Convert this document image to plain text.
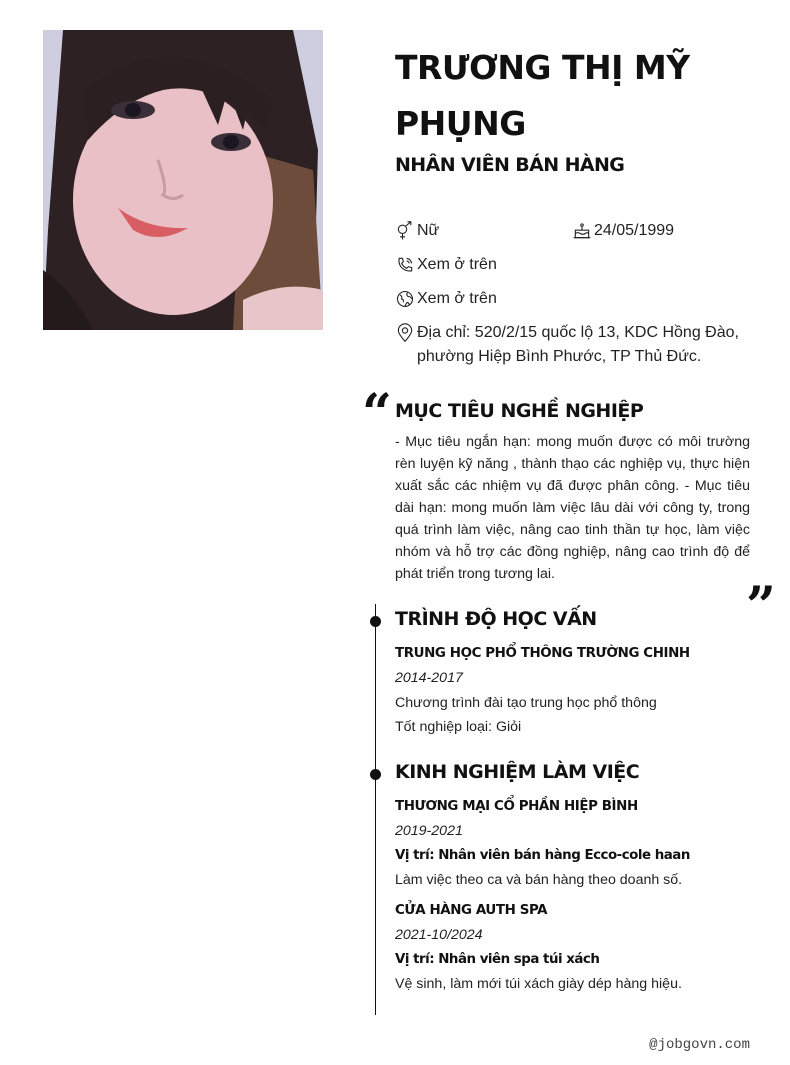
TRƯƠNG THỊ MỸ PHỤNG
NHÂN VIÊN BÁN HÀNG
Nữ	24/05/1999
Xem ở trên
Xem ở trên
Địa chỉ: 520/2/15 quốc lộ 13, KDC Hồng Đào,
phường Hiệp Bình Phước, TP Thủ Đức.
“ MỤC TIÊU NGHỀ NGHIỆP
- Mục tiêu ngắn hạn: mong muốn được có môi trường rèn luyện kỹ năng , thành thạo các nghiệp vụ, thực hiện xuất sắc các nhiệm vụ đã được phân công. - Mục tiêu dài hạn: mong muốn làm việc lâu dài với công ty, trong quá trình làm việc, nâng cao tinh thần tự học, làm việc nhóm và hỗ trợ các đồng nghiệp, nâng cao trình độ để phát triển trong tương lai.
”
TRÌNH ĐỘ HỌC VẤN
TRUNG HỌC PHỔ THÔNG TRƯỜNG CHINH
2014-2017
Chương trình đài tạo trung học phổ thông
Tốt nghiệp loại: Giỏi
KINH NGHIỆM LÀM VIỆC
THƯƠNG MẠI CỔ PHẦN HIỆP BÌNH
2019-2021
Vị trí: Nhân viên bán hàng Ecco-cole haan
Làm việc theo ca và bán hàng theo doanh số.
CỬA HÀNG AUTH SPA
2021-10/2024
Vị trí: Nhân viên spa túi xách
Vệ sinh, làm mới túi xách giày dép hàng hiệu.
@jobgovn.com
